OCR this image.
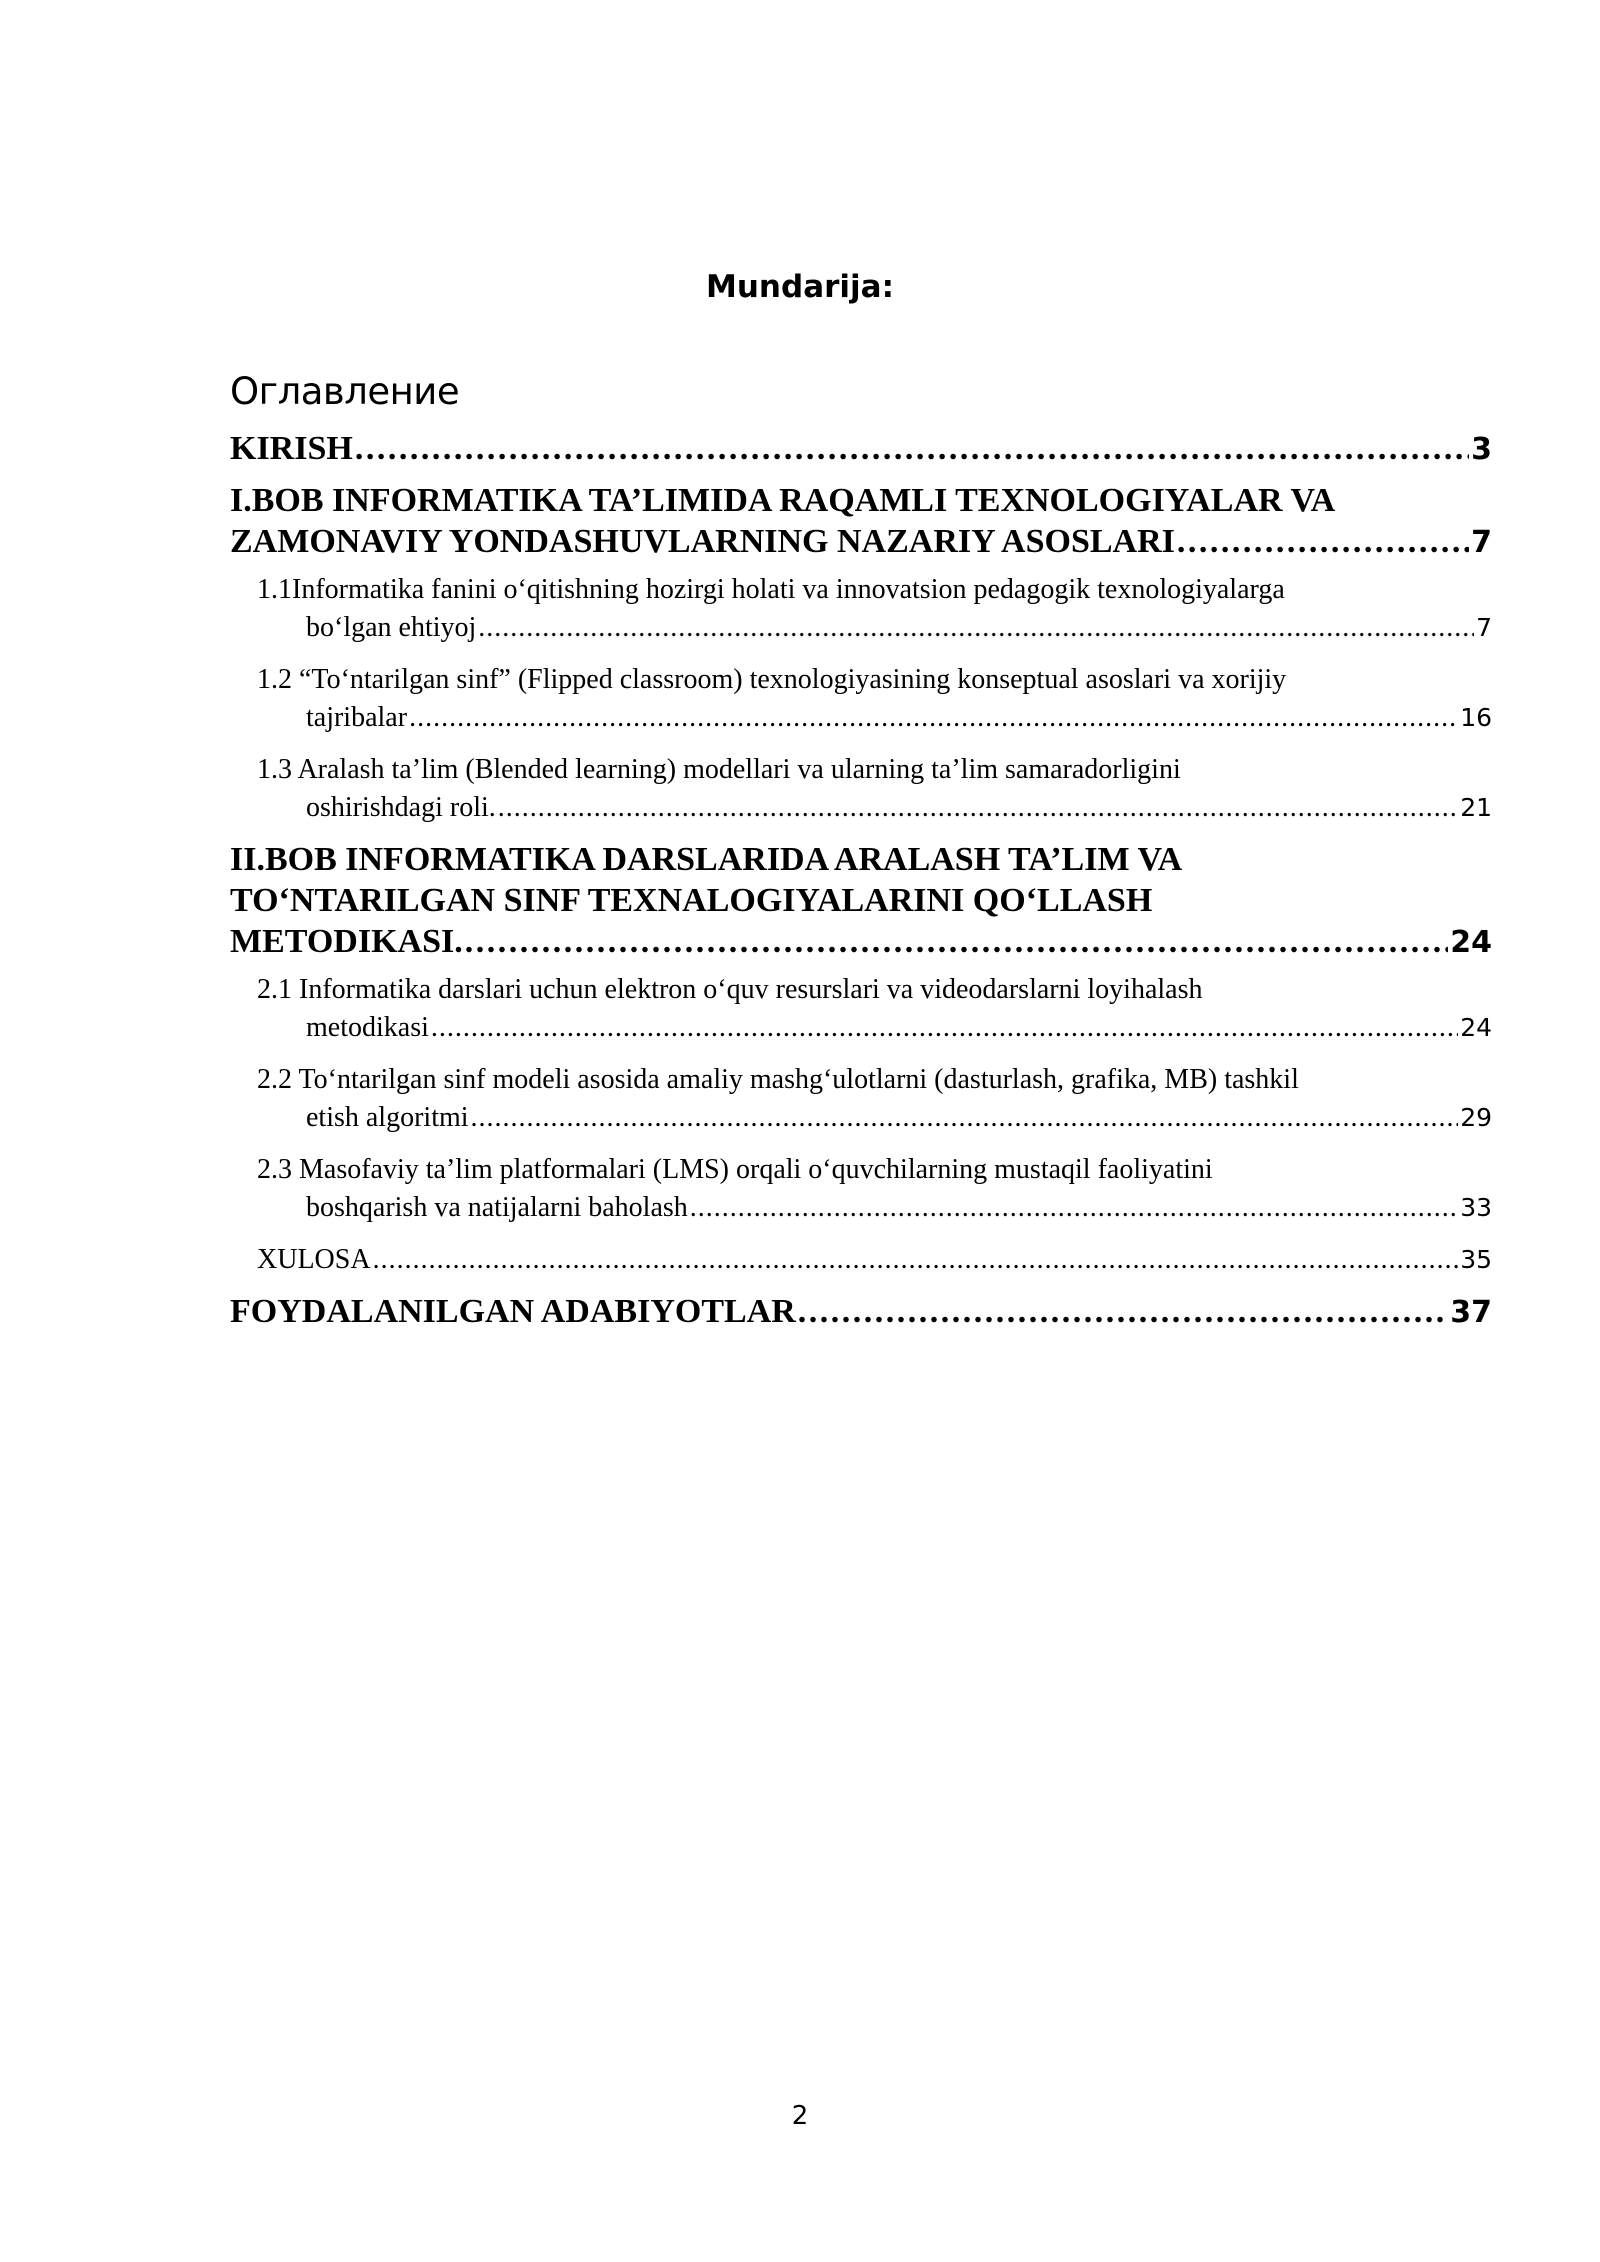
Mundarija:
Оглавление
KIRISH . . .	3
I.BOB INFORMATIKA TA’LIMIDA RAQAMLI TEXNOLOGIYALAR VA
ZAMONAVIY YONDASHUVLARNING NAZARIY ASOSLARI . . .	7
1.1Informatika fanini o‘qitishning hozirgi holati va innovatsion pedagogik texnologiyalarga
bo‘lgan ehtiyoj . . .	7
1.2 “To‘ntarilgan sinf” (Flipped classroom) texnologiyasining konseptual asoslari va xorijiy
tajribalar . . .	16
1.3 Aralash ta’lim (Blended learning) modellari va ularning ta’lim samaradorligini
oshirishdagi roli. . . .	21
II.BOB INFORMATIKA DARSLARIDA ARALASH TA’LIM VA
TO‘NTARILGAN SINF TEXNALOGIYALARINI QO‘LLASH
METODIKASI. . . .	24
2.1 Informatika darslari uchun elektron o‘quv resurslari va videodarslarni loyihalash
metodikasi . . .	24
2.2 To‘ntarilgan sinf modeli asosida amaliy mashg‘ulotlarni (dasturlash, grafika, MB) tashkil
etish algoritmi . . .	29
2.3 Masofaviy ta’lim platformalari (LMS) orqali o‘quvchilarning mustaqil faoliyatini
boshqarish va natijalarni baholash . . .	33
XULOSA . . .	35
FOYDALANILGAN ADABIYOTLAR . . .	37
2
